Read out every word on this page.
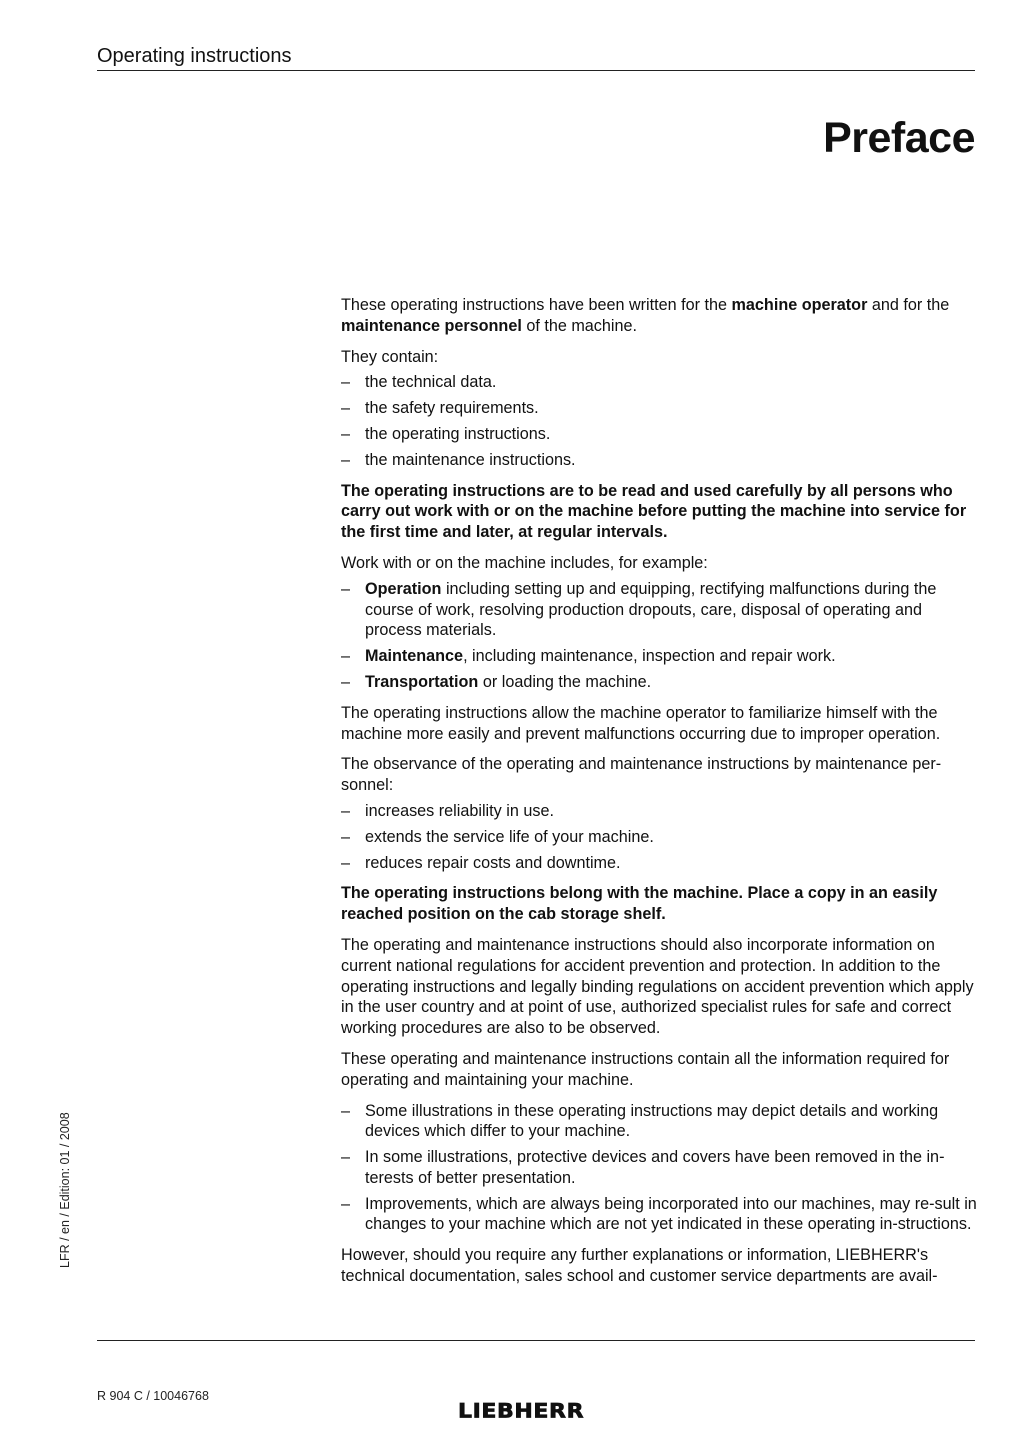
Operating instructions
Preface

These operating instructions have been written for the machine operator and for the maintenance personnel of the machine.

They contain:

– the technical data.
– the safety requirements.
– the operating instructions.
– the maintenance instructions.

The operating instructions are to be read and used carefully by all persons who carry out work with or on the machine before putting the machine into service for the first time and later, at regular intervals.

Work with or on the machine includes, for example:

– Operation including setting up and equipping, rectifying malfunctions during the course of work, resolving production dropouts, care, disposal of operating and process materials.
– Maintenance, including maintenance, inspection and repair work.
– Transportation or loading the machine.

The operating instructions allow the machine operator to familiarize himself with the machine more easily and prevent malfunctions occurring due to improper operation.

The observance of the operating and maintenance instructions by maintenance per-sonnel:

– increases reliability in use.
– extends the service life of your machine.
– reduces repair costs and downtime.

The operating instructions belong with the machine. Place a copy in an easily reached position on the cab storage shelf.

The operating and maintenance instructions should also incorporate information on current national regulations for accident prevention and protection. In addition to the operating instructions and legally binding regulations on accident prevention which apply in the user country and at point of use, authorized specialist rules for safe and correct working procedures are also to be observed.

These operating and maintenance instructions contain all the information required for operating and maintaining your machine.

– Some illustrations in these operating instructions may depict details and working devices which differ to your machine.
– In some illustrations, protective devices and covers have been removed in the in-terests of better presentation.
– Improvements, which are always being incorporated into our machines, may re-sult in changes to your machine which are not yet indicated in these operating in-structions.

However, should you require any further explanations or information, LIEBHERR's technical documentation, sales school and customer service departments are avail-

LFR / en / Edition: 01 / 2008
R 904 C / 10046768
LIEBHERR
